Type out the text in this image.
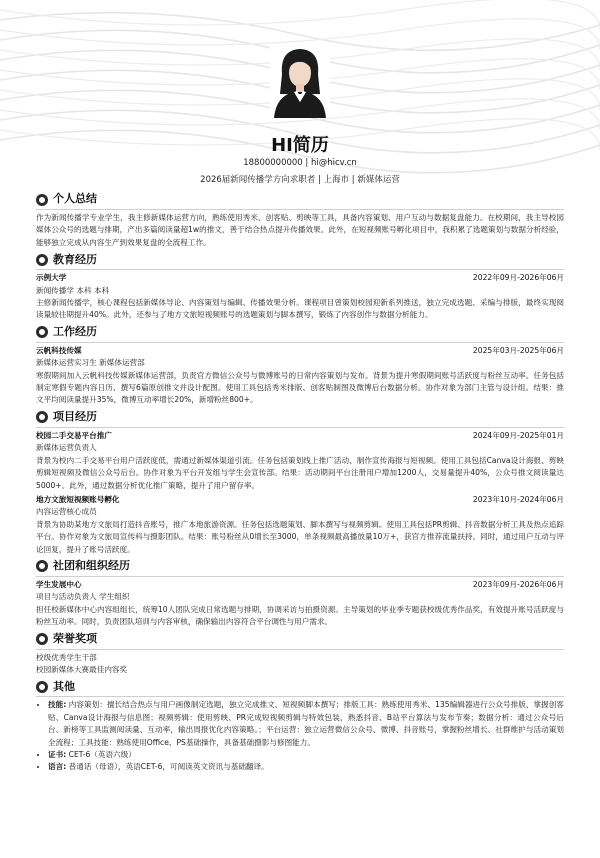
HI简历
18800000000 | hi@hicv.cn
2026届新闻传播学方向求职者 | 上海市 | 新媒体运营
个人总结

作为新闻传播学专业学生，我主修新媒体运营方向，熟练使用秀米、创客贴、剪映等工具，具备内容策划、用户互动与数据复盘能力。在校期间，我主导校园媒体公众号的选题与排期，产出多篇阅读量超1w的推文，善于结合热点提升传播效果。此外，在短视频账号孵化项目中，我积累了选题策划与数据分析经验，能够独立完成从内容生产到效果复盘的全流程工作。

教育经历
示例大学	2022年09月-2026年06月
新闻传播学 本科 本科

主修新闻传播学，核心课程包括新媒体导论、内容策划与编辑、传播效果分析。课程项目曾策划校园迎新系列推送，独立完成选题、采编与排版，最终实现阅读量较往期提升40%。此外，还参与了地方文旅短视频账号的选题策划与脚本撰写，锻炼了内容创作与数据分析能力。

工作经历
云帆科技传媒	2025年03月-2025年06月
新媒体运营实习生 新媒体运营部

寒假期间加入云帆科技传媒新媒体运营部，负责官方微信公众号与微博账号的日常内容策划与发布。背景为提升寒假期间账号活跃度与粉丝互动率。任务包括制定寒假专题内容日历、撰写6篇原创推文并设计配图。使用工具包括秀米排版、创客贴制图及微博后台数据分析。协作对象为部门主管与设计组。结果：推文平均阅读量提升35%，微博互动率增长20%，新增粉丝800+。

项目经历
校园二手交易平台推广	2024年09月-2025年01月
新媒体运营负责人

背景为校内二手交易平台用户活跃度低，需通过新媒体渠道引流。任务包括策划线上推广活动、制作宣传海报与短视频。使用工具包括Canva设计海报、剪映剪辑短视频及微信公众号后台。协作对象为平台开发组与学生会宣传部。结果：活动期间平台注册用户增加1200人，交易量提升40%，公众号推文阅读量达5000+。此外，通过数据分析优化推广策略，提升了用户留存率。

地方文旅短视频账号孵化	2023年10月-2024年06月
内容运营核心成员

背景为协助某地方文旅局打造抖音账号，推广本地旅游资源。任务包括选题策划、脚本撰写与视频剪辑。使用工具包括PR剪辑、抖音数据分析工具及热点追踪平台。协作对象为文旅局宣传科与摄影团队。结果：账号粉丝从0增长至3000，单条视频最高播放量10万+，获官方推荐流量扶持。同时，通过用户互动与评论回复，提升了账号活跃度。

社团和组织经历
学生发展中心	2023年09月-2026年06月
项目与活动负责人 学生组织

担任校新媒体中心内容组组长，统筹10人团队完成日常选题与排期，协调采访与拍摄资源。主导策划的毕业季专题获校级优秀作品奖，有效提升账号活跃度与粉丝互动率。同时，负责团队培训与内容审核，确保输出内容符合平台调性与用户需求。

荣誉奖项
校级优秀学生干部
校园新媒体大赛最佳内容奖
其他
• 技能: 内容策划：擅长结合热点与用户画像制定选题，独立完成推文、短视频脚本撰写；排版工具：熟练使用秀米、135编辑器进行公众号排版，掌握创客贴、Canva设计海报与信息图；视频剪辑：使用剪映、PR完成短视频剪辑与特效包装，熟悉抖音、B站平台算法与发布节奏；数据分析：通过公众号后台、新榜等工具监测阅读量、互动率，输出周报优化内容策略。；平台运营：独立运营微信公众号、微博、抖音账号，掌握粉丝增长、社群维护与活动策划全流程；工具技能：熟练使用Office、PS基础操作，具备基础摄影与修图能力。
• 证书: CET-6（英语六级）
• 语言: 普通话（母语），英语CET-6，可阅读英文资讯与基础翻译。
